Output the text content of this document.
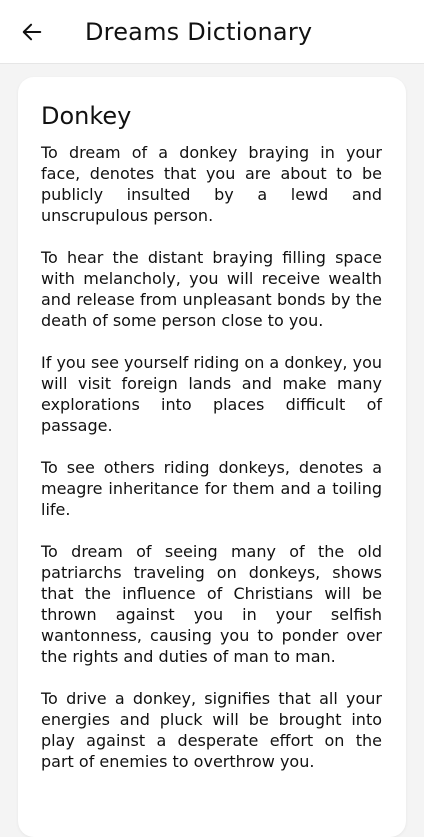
Dreams Dictionary
Donkey

To dream of a donkey braying in your face, denotes that you are about to be publicly insulted by a lewd and unscrupulous person.

To hear the distant braying filling space with melancholy, you will receive wealth and release from unpleasant bonds by the death of some person close to you.

If you see yourself riding on a donkey, you will visit foreign lands and make many explorations into places difficult of passage.

To see others riding donkeys, denotes a meagre inheritance for them and a toiling life.

To dream of seeing many of the old patriarchs traveling on donkeys, shows that the influence of Christians will be thrown against you in your selfish wantonness, causing you to ponder over the rights and duties of man to man.

To drive a donkey, signifies that all your energies and pluck will be brought into play against a desperate effort on the part of enemies to overthrow you.
